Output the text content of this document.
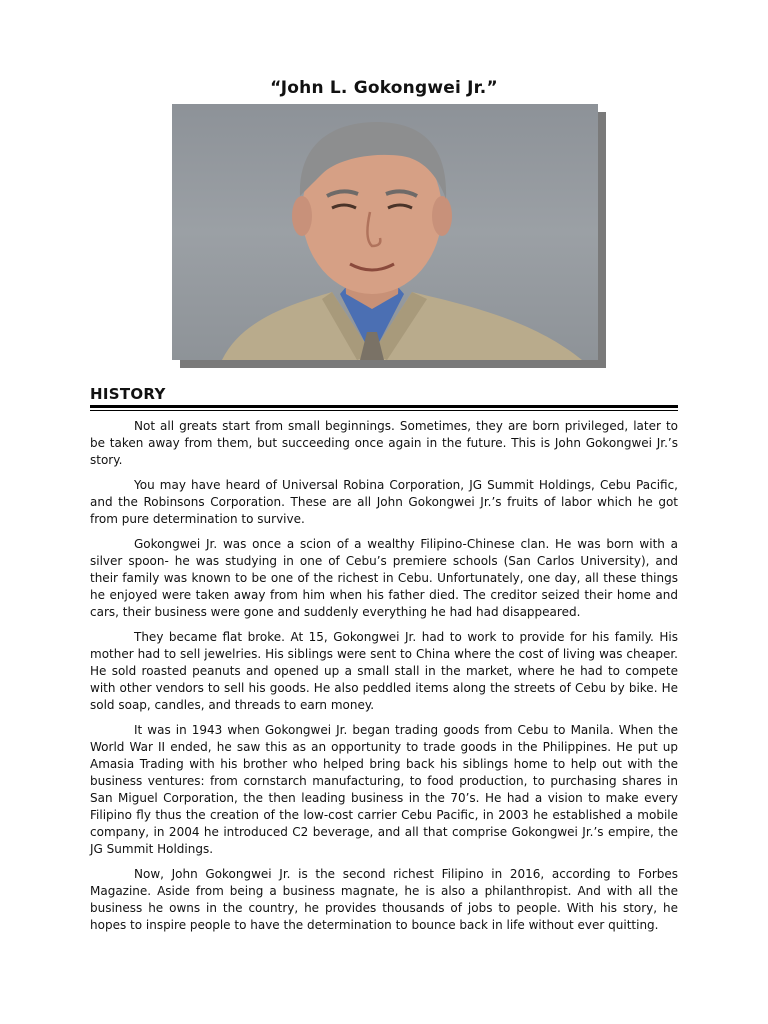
“John L. Gokongwei Jr.”
HISTORY

Not all greats start from small beginnings. Sometimes, they are born privileged, later to be taken away from them, but succeeding once again in the future. This is John Gokongwei Jr.’s story.

You may have heard of Universal Robina Corporation, JG Summit Holdings, Cebu Pacific, and the Robinsons Corporation. These are all John Gokongwei Jr.’s fruits of labor which he got from pure determination to survive.

Gokongwei Jr. was once a scion of a wealthy Filipino-Chinese clan. He was born with a silver spoon- he was studying in one of Cebu’s premiere schools (San Carlos University), and their family was known to be one of the richest in Cebu. Unfortunately, one day, all these things he enjoyed were taken away from him when his father died. The creditor seized their home and cars, their business were gone and suddenly everything he had had disappeared.

They became flat broke. At 15, Gokongwei Jr. had to work to provide for his family. His mother had to sell jewelries. His siblings were sent to China where the cost of living was cheaper. He sold roasted peanuts and opened up a small stall in the market, where he had to compete with other vendors to sell his goods. He also peddled items along the streets of Cebu by bike. He sold soap, candles, and threads to earn money.

It was in 1943 when Gokongwei Jr. began trading goods from Cebu to Manila. When the World War II ended, he saw this as an opportunity to trade goods in the Philippines. He put up Amasia Trading with his brother who helped bring back his siblings home to help out with the business ventures: from cornstarch manufacturing, to food production, to purchasing shares in San Miguel Corporation, the then leading business in the 70’s. He had a vision to make every Filipino fly thus the creation of the low-cost carrier Cebu Pacific, in 2003 he established a mobile company, in 2004 he introduced C2 beverage, and all that comprise Gokongwei Jr.’s empire, the JG Summit Holdings.

Now, John Gokongwei Jr. is the second richest Filipino in 2016, according to Forbes Magazine. Aside from being a business magnate, he is also a philanthropist. And with all the business he owns in the country, he provides thousands of jobs to people. With his story, he hopes to inspire people to have the determination to bounce back in life without ever quitting.
